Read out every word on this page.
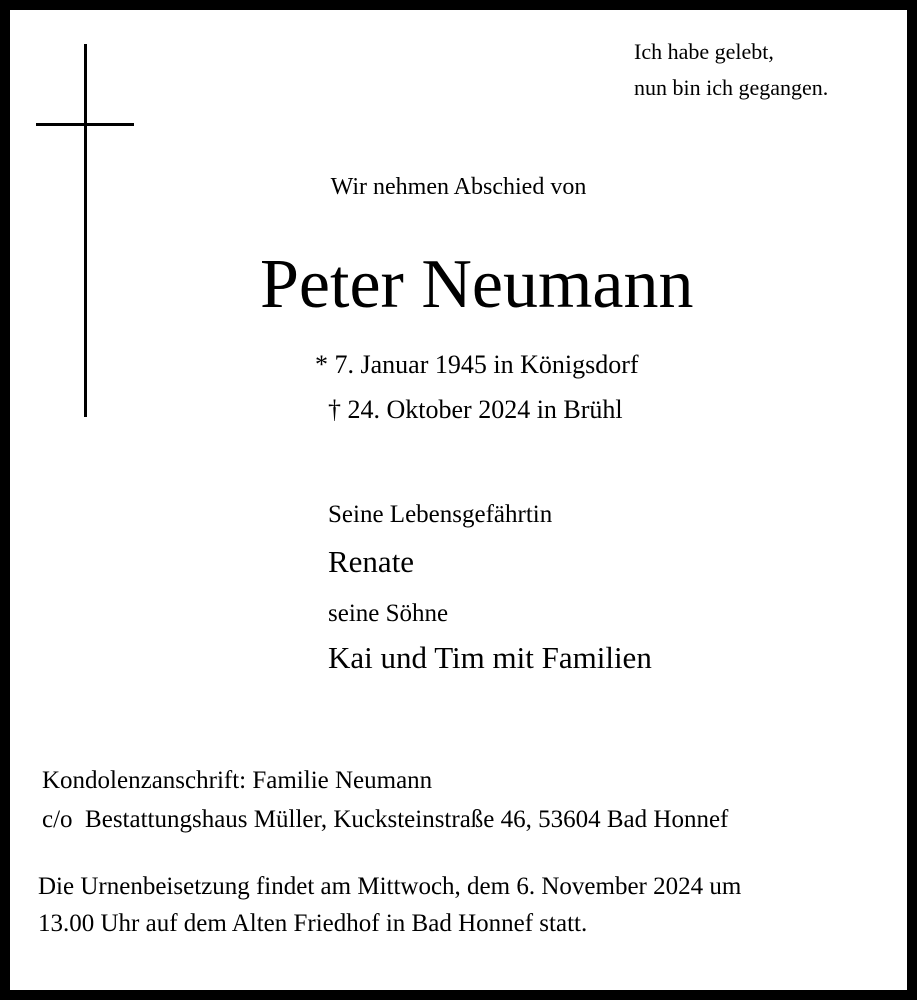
Ich habe gelebt,
nun bin ich gegangen.
Wir nehmen Abschied von
Peter Neumann
* 7. Januar 1945 in Königsdorf
† 24. Oktober 2024 in Brühl
Seine Lebensgefährtin
Renate
seine Söhne
Kai und Tim mit Familien
Kondolenzanschrift: Familie Neumann
c/o  Bestattungshaus Müller, Kucksteinstraße 46, 53604 Bad Honnef
Die Urnenbeisetzung findet am Mittwoch, dem 6. November 2024 um
13.00 Uhr auf dem Alten Friedhof in Bad Honnef statt.
